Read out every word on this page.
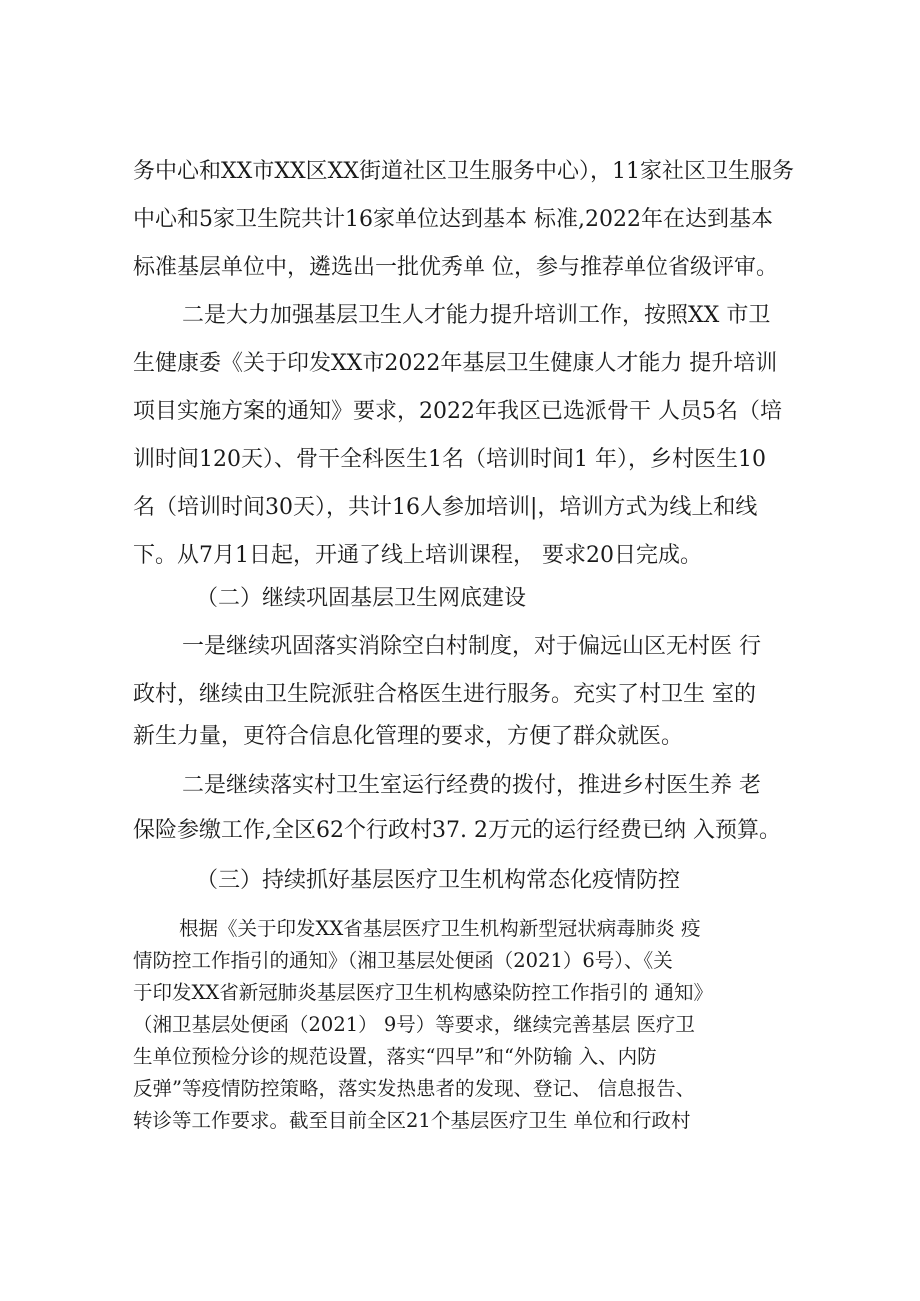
务中心和XX市XX区XX街道社区卫生服务中心），11家社区卫生服务
中心和5家卫生院共计16家单位达到基本 标准,2022年在达到基本
标准基层单位中，遴选出一批优秀单 位，参与推荐单位省级评审。
二是大力加强基层卫生人才能力提升培训工作，按照XX 市卫
生健康委《关于印发XX市2022年基层卫生健康人才能力 提升培训
项目实施方案的通知》要求，2022年我区已选派骨干 人员5名（培
训时间120天）、骨干全科医生1名（培训时间1 年），乡村医生10
名（培训时间30天），共计16人参加培训|，培训方式为线上和线
下。从7月1日起，开通了线上培训课程， 要求20日完成。
（二）继续巩固基层卫生网底建设
一是继续巩固落实消除空白村制度，对于偏远山区无村医 行
政村，继续由卫生院派驻合格医生进行服务。充实了村卫生 室的
新生力量，更符合信息化管理的要求，方便了群众就医。
二是继续落实村卫生室运行经费的拨付，推进乡村医生养 老
保险参缴工作,全区62个行政村37. 2万元的运行经费已纳 入预算。
（三）持续抓好基层医疗卫生机构常态化疫情防控
根据《关于印发XX省基层医疗卫生机构新型冠状病毒肺炎 疫
情防控工作指引的通知》（湘卫基层处便函（2021）6号）、《关
于印发XX省新冠肺炎基层医疗卫生机构感染防控工作指引的 通知》
（湘卫基层处便函（2021） 9号）等要求，继续完善基层 医疗卫
生单位预检分诊的规范设置，落实“四早”和“外防输 入、内防
反弹”等疫情防控策略，落实发热患者的发现、登记、 信息报告、
转诊等工作要求。截至目前全区21个基层医疗卫生 单位和行政村
